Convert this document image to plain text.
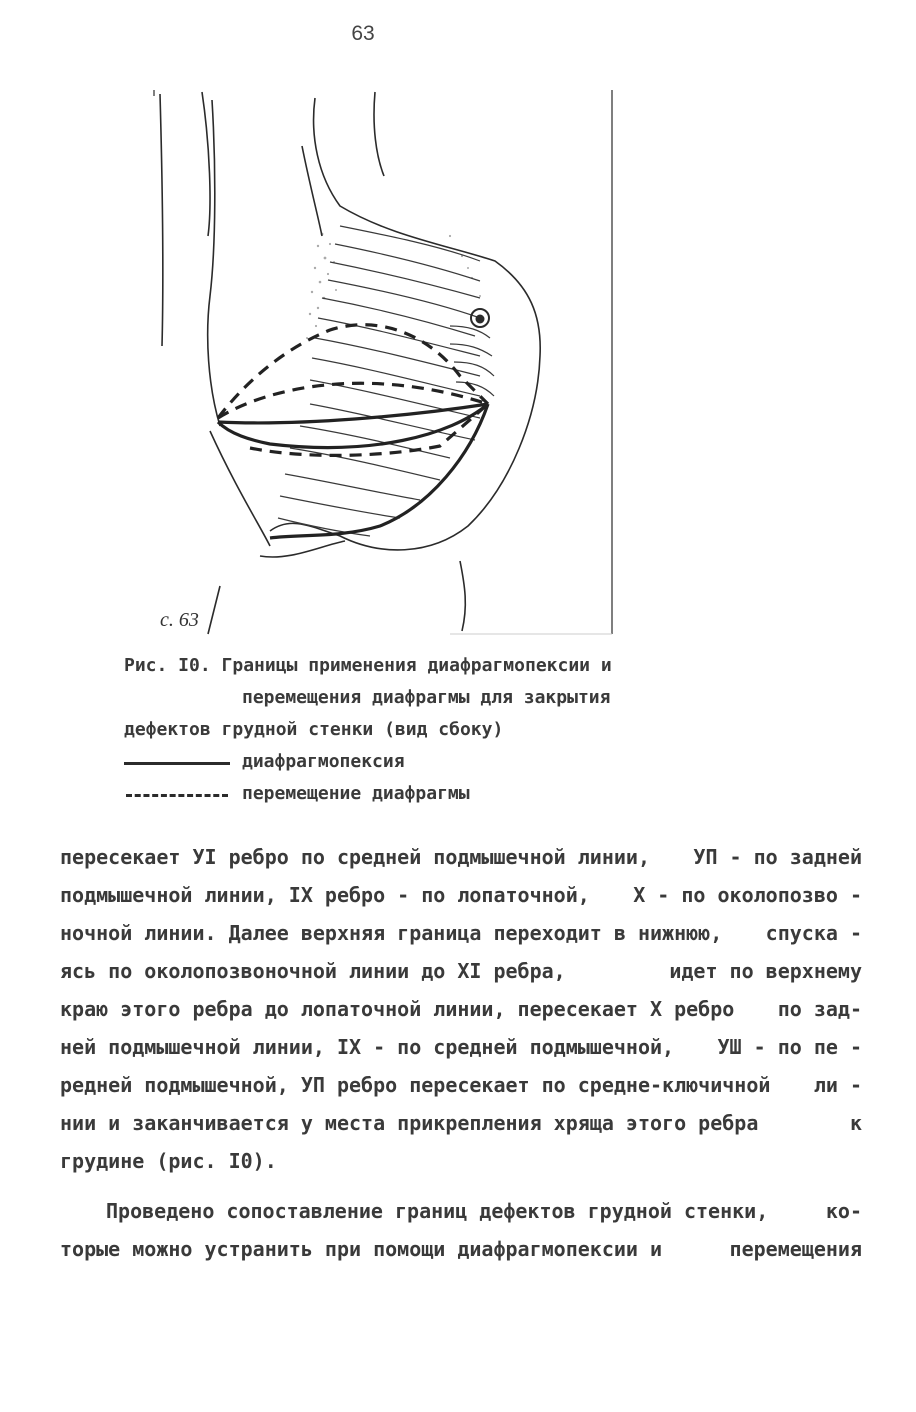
63
c. 63
Рис. I0. Границы применения диафрагмопексии и
перемещения диафрагмы для закрытия
дефектов грудной стенки (вид сбоку)
диафрагмопексия
перемещение диафрагмы
пересекает УI ребро по средней подмышечной линии, УП - по задней
подмышечной линии, IX ребро - по лопаточной, X - по околопозво -
ночной линии. Далее верхняя граница переходит в нижнюю, спуска -
ясь по околопозвоночной линии до XI ребра,	идет по верхнему
краю этого ребра до лопаточной линии, пересекает X ребро по зад-
ней подмышечной линии, IX - по средней подмышечной, УШ - по пе -
редней подмышечной, УП ребро пересекает по средне-ключичной ли -
нии и заканчивается у места прикрепления хряща этого ребра	к
грудине (рис. I0).
Проведено сопоставление границ дефектов грудной стенки,	ко-
торые можно устранить при помощи диафрагмопексии и	перемещения
